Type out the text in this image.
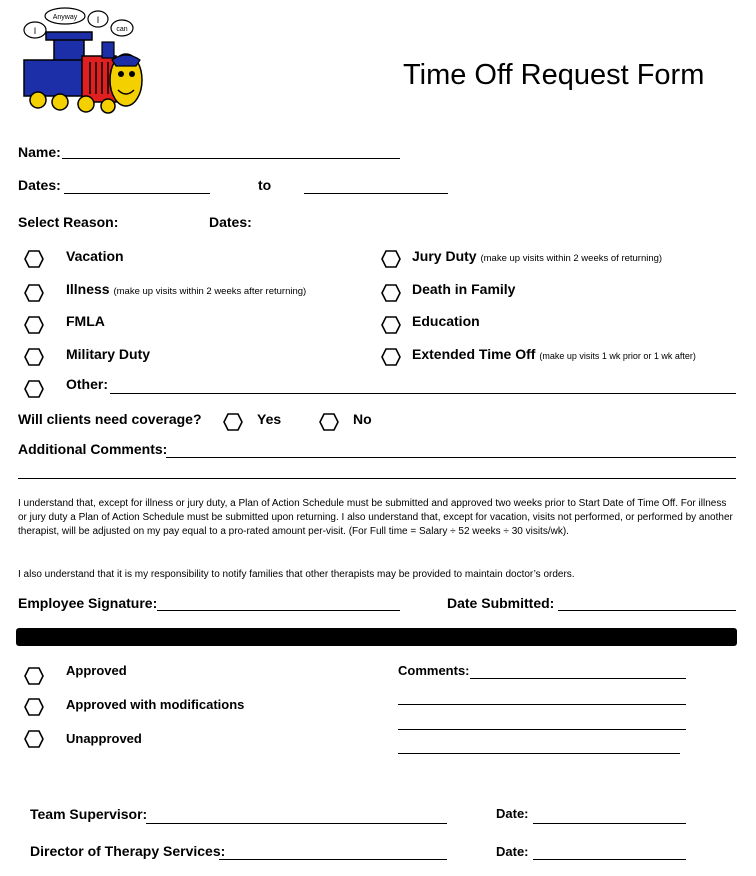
I
Anyway I
can
Time Off Request Form
Name:
Dates:	to
Select Reason:	Dates:
Vacation
Illness (make up visits within 2 weeks after returning)
FMLA
Military Duty
Other:
Jury Duty (make up visits within 2 weeks of returning)
Death in Family
Education
Extended Time Off (make up visits 1 wk prior or 1 wk after)
Will clients need coverage?	Yes	No
Additional Comments:
I understand that, except for illness or jury duty, a Plan of Action Schedule must be submitted and approved two weeks prior to Start Date of Time Off. For illness or jury duty a Plan of Action Schedule must be submitted upon returning. I also understand that, except for vacation, visits not performed, or performed by another therapist, will be adjusted on my pay equal to a pro-rated amount per-visit. (For Full time = Salary ÷ 52 weeks ÷ 30 visits/wk).
I also understand that it is my responsibility to notify families that other therapists may be provided to maintain doctor’s orders.
Employee Signature:	Date Submitted:
Approved
Approved with modifications
Unapproved
Comments:
Team Supervisor:	Date:
Director of Therapy Services:	Date:
